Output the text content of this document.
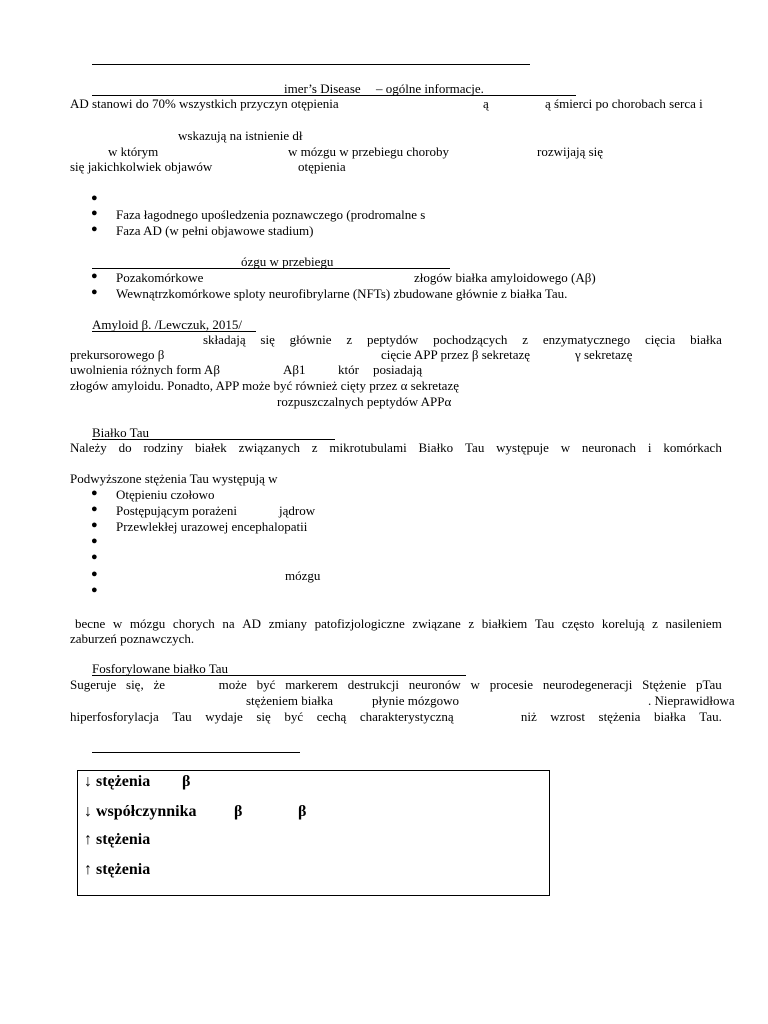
imer’s Disease – ogólne informacje.
AD stanowi do 70% wszystkich przyczyn otępienia	ą	ą śmierci po chorobach serca i
wskazują na istnienie dł
w którym	w mózgu w przebiegu choroby	rozwijają się
się jakichkolwiek objawów	otępienia
●
● Faza łagodnego upośledzenia poznawczego (prodromalne s
● Faza AD (w pełni objawowe stadium)
ózgu w przebiegu
● Pozakomórkowe	złogów białka amyloidowego (Aβ)
● Wewnątrzkomórkowe sploty neurofibrylarne (NFTs) zbudowane głównie z białka Tau.
Amyloid β. /Lewczuk, 2015/
składają się głównie z peptydów pochodzących z enzymatycznego cięcia białka
prekursorowego β	cięcie APP przez β sekretazę	γ sekretazę
uwolnienia różnych form Aβ	Aβ1 któr posiadają
złogów amyloidu. Ponadto, APP może być również cięty przez α sekretazę
rozpuszczalnych peptydów APPα
Białko Tau
Należy do rodziny białek związanych z mikrotubulami Białko Tau występuje w neuronach i komórkach
Podwyższone stężenia Tau występują w
● Otępieniu czołowo
● Postępującym porażeni	jądrow
● Przewlekłej urazowej encephalopatii
●
●
●	mózgu
●
becne w mózgu chorych na AD zmiany patofizjologiczne związane z białkiem Tau często korelują z nasileniem
zaburzeń poznawczych.
Fosforylowane białko Tau
Sugeruje się, że	może być markerem destrukcji neuronów w procesie neurodegeneracji Stężenie pTau
stężeniem białka	płynie mózgowo	. Nieprawidłowa
hiperfosforylacja Tau wydaje się być cechą charakterystyczną	niż wzrost stężenia białka Tau.
↓ stężenia β
↓ współczynnika β	β
↑ stężenia
↑ stężenia
